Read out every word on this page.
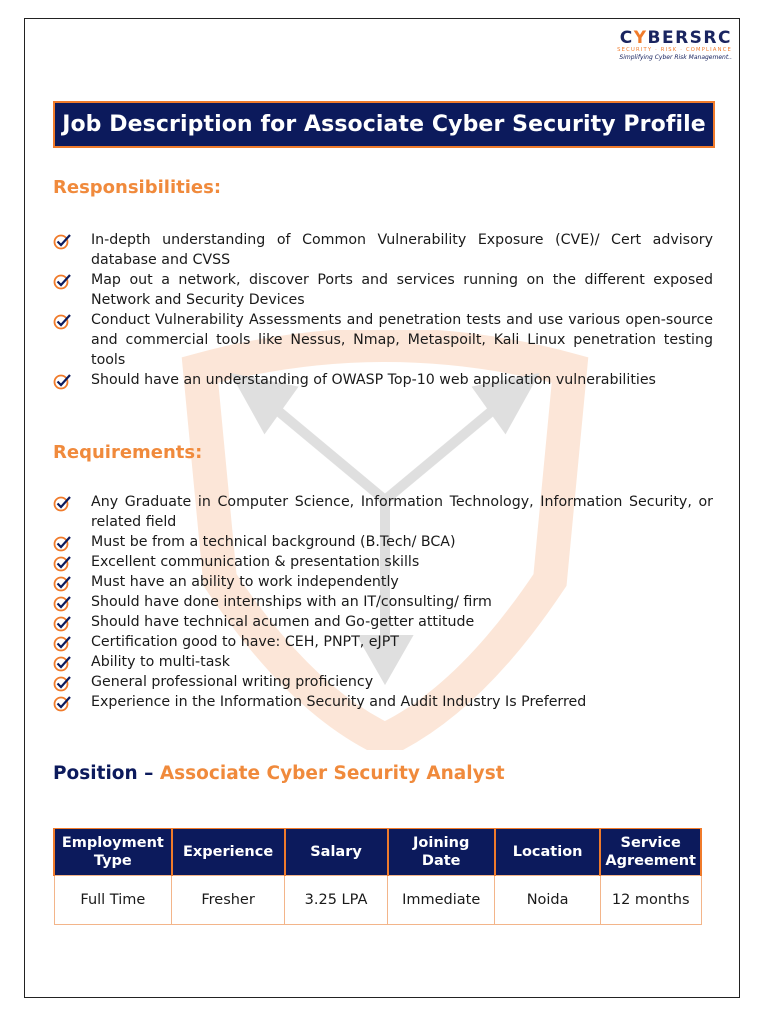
CYBERSRC
SECURITY · RISK · COMPLIANCE
Simplifying Cyber Risk Management..
Job Description for Associate Cyber Security Profile
Responsibilities:
In-depth understanding of Common Vulnerability Exposure (CVE)/ Cert advisory database and CVSS
Map out a network, discover Ports and services running on the different exposed Network and Security Devices
Conduct Vulnerability Assessments and penetration tests and use various open-source and commercial tools like Nessus, Nmap, Metaspoilt, Kali Linux penetration testing tools
Should have an understanding of OWASP Top-10 web application vulnerabilities
Requirements:
Any Graduate in Computer Science, Information Technology, Information Security, or related field
Must be from a technical background (B.Tech/ BCA)
Excellent communication & presentation skills
Must have an ability to work independently
Should have done internships with an IT/consulting/ firm
Should have technical acumen and Go-getter attitude
Certification good to have: CEH, PNPT, eJPT
Ability to multi-task
General professional writing proficiency
Experience in the Information Security and Audit Industry Is Preferred
Position – Associate Cyber Security Analyst
Employment Type	Experience	Salary	Joining Date	Location	Service Agreement
Full Time	Fresher	3.25 LPA	Immediate	Noida	12 months
